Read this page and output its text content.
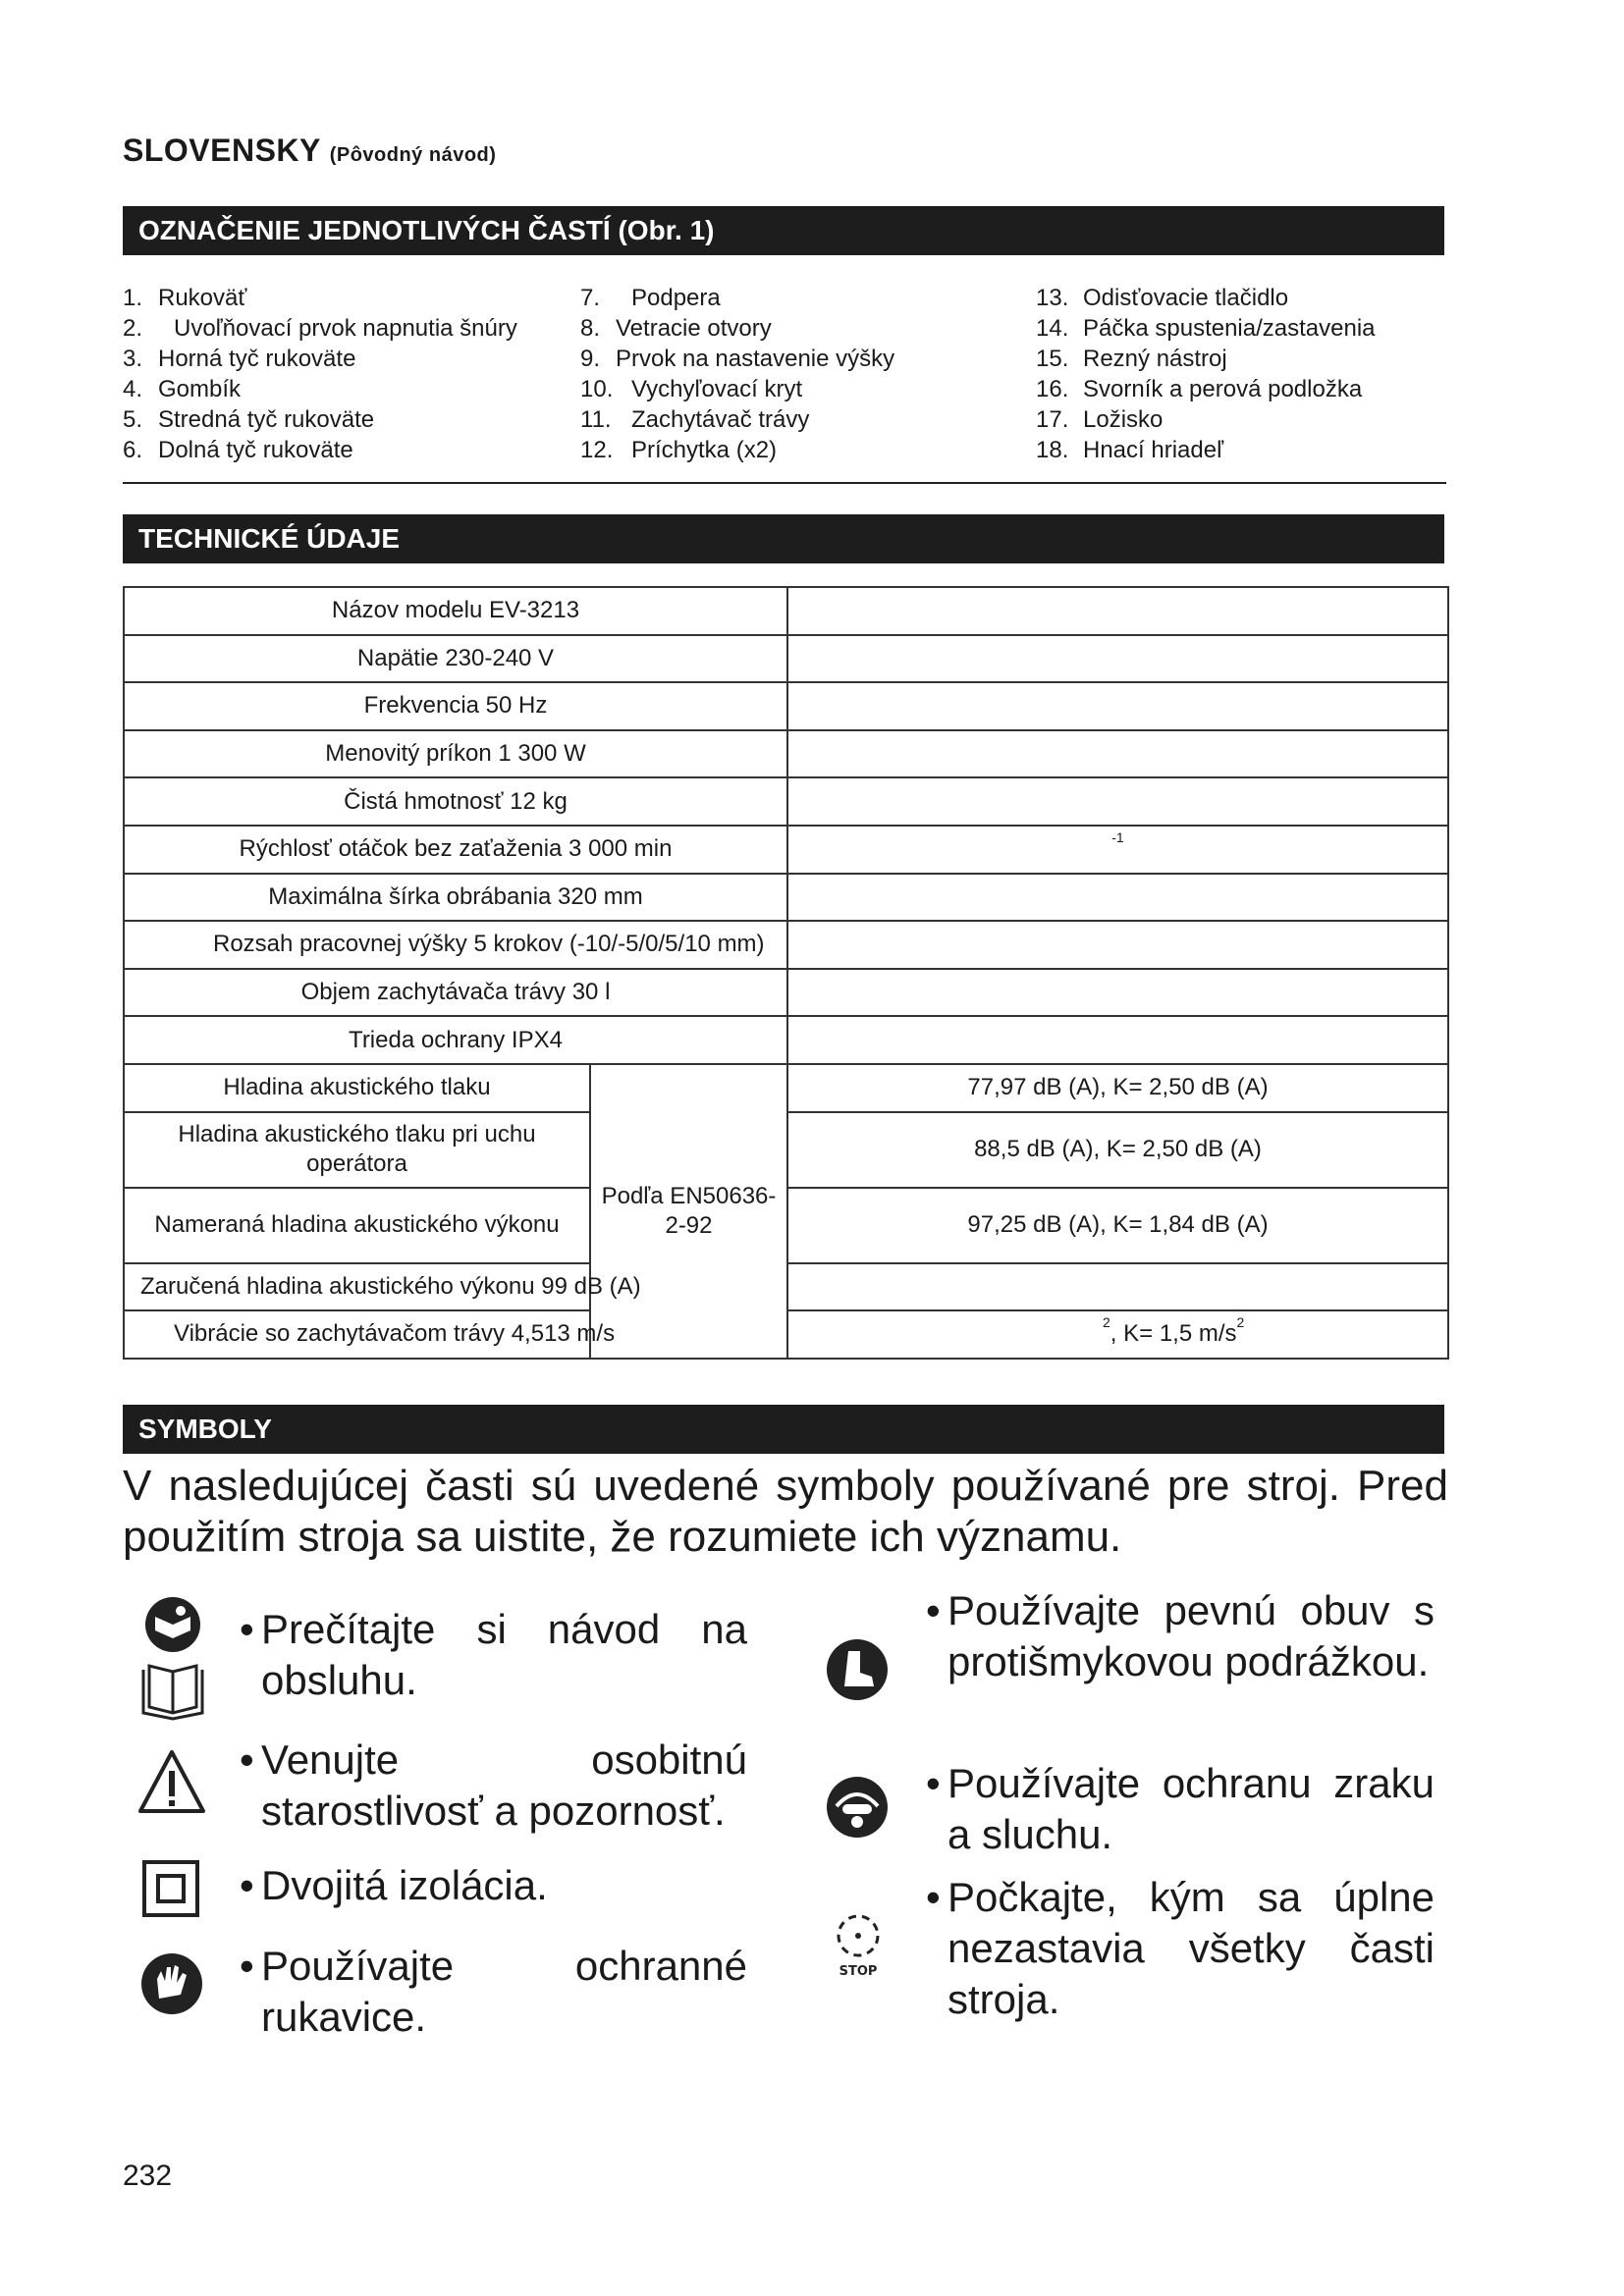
SLOVENSKY (Pôvodný návod)
OZNAČENIE JEDNOTLIVÝCH ČASTÍ (Obr. 1)
1. Rukoväť
2. Uvoľňovací prvok napnutia šnúry
3. Horná tyč rukoväte
4. Gombík
5. Stredná tyč rukoväte
6. Dolná tyč rukoväte
7. Podpera
8. Vetracie otvory
9. Prvok na nastavenie výšky
10. Vychyľovací kryt
11. Zachytávač trávy
12. Príchytka (x2)
13. Odisťovacie tlačidlo
14. Páčka spustenia/zastavenia
15. Rezný nástroj
16. Svorník a perová podložka
17. Ložisko
18. Hnací hriadeľ
TECHNICKÉ ÚDAJE
Názov modelu EV-3213		
Napätie 230-240 V		
Frekvencia 50 Hz		
Menovitý príkon 1 300 W		
Čistá hmotnosť 12 kg		
Rýchlosť otáčok bez zaťaženia 3 000 min		$^{-1}$
Maximálna šírka obrábania 320 mm		
Rozsah pracovnej výšky 5 krokov (-10/-5/0/5/10 mm)		
Objem zachytávača trávy 30 l		
Trieda ochrany IPX4		
Hladina akustického tlaku	Podľa EN50636-2-92	77,97 dB (A), K= 2,50 dB (A)
Hladina akustického tlaku pri uchu operátora		88,5 dB (A), K= 2,50 dB (A)
Nameraná hladina akustického výkonu		97,25 dB (A), K= 1,84 dB (A)
Zaručená hladina akustického výkonu 99 dB (A)		
Vibrácie so zachytávačom trávy 4,513 m/s		$^2$, K= 1,5 $m/s^2$
SYMBOLY
V nasledujúcej časti sú uvedené symboly používané pre stroj. Pred použitím stroja sa uistite, že rozumiete ich významu.
• Prečítajte si návod na obsluhu.
• Venujte osobitnú starostlivosť a pozornosť.
• Dvojitá izolácia.
• Používajte ochranné rukavice.
STOP
• Používajte pevnú obuv s protišmykovou podrážkou.
• Používajte ochranu zraku a sluchu.
• Počkajte, kým sa úplne nezastavia všetky časti stroja.
232
